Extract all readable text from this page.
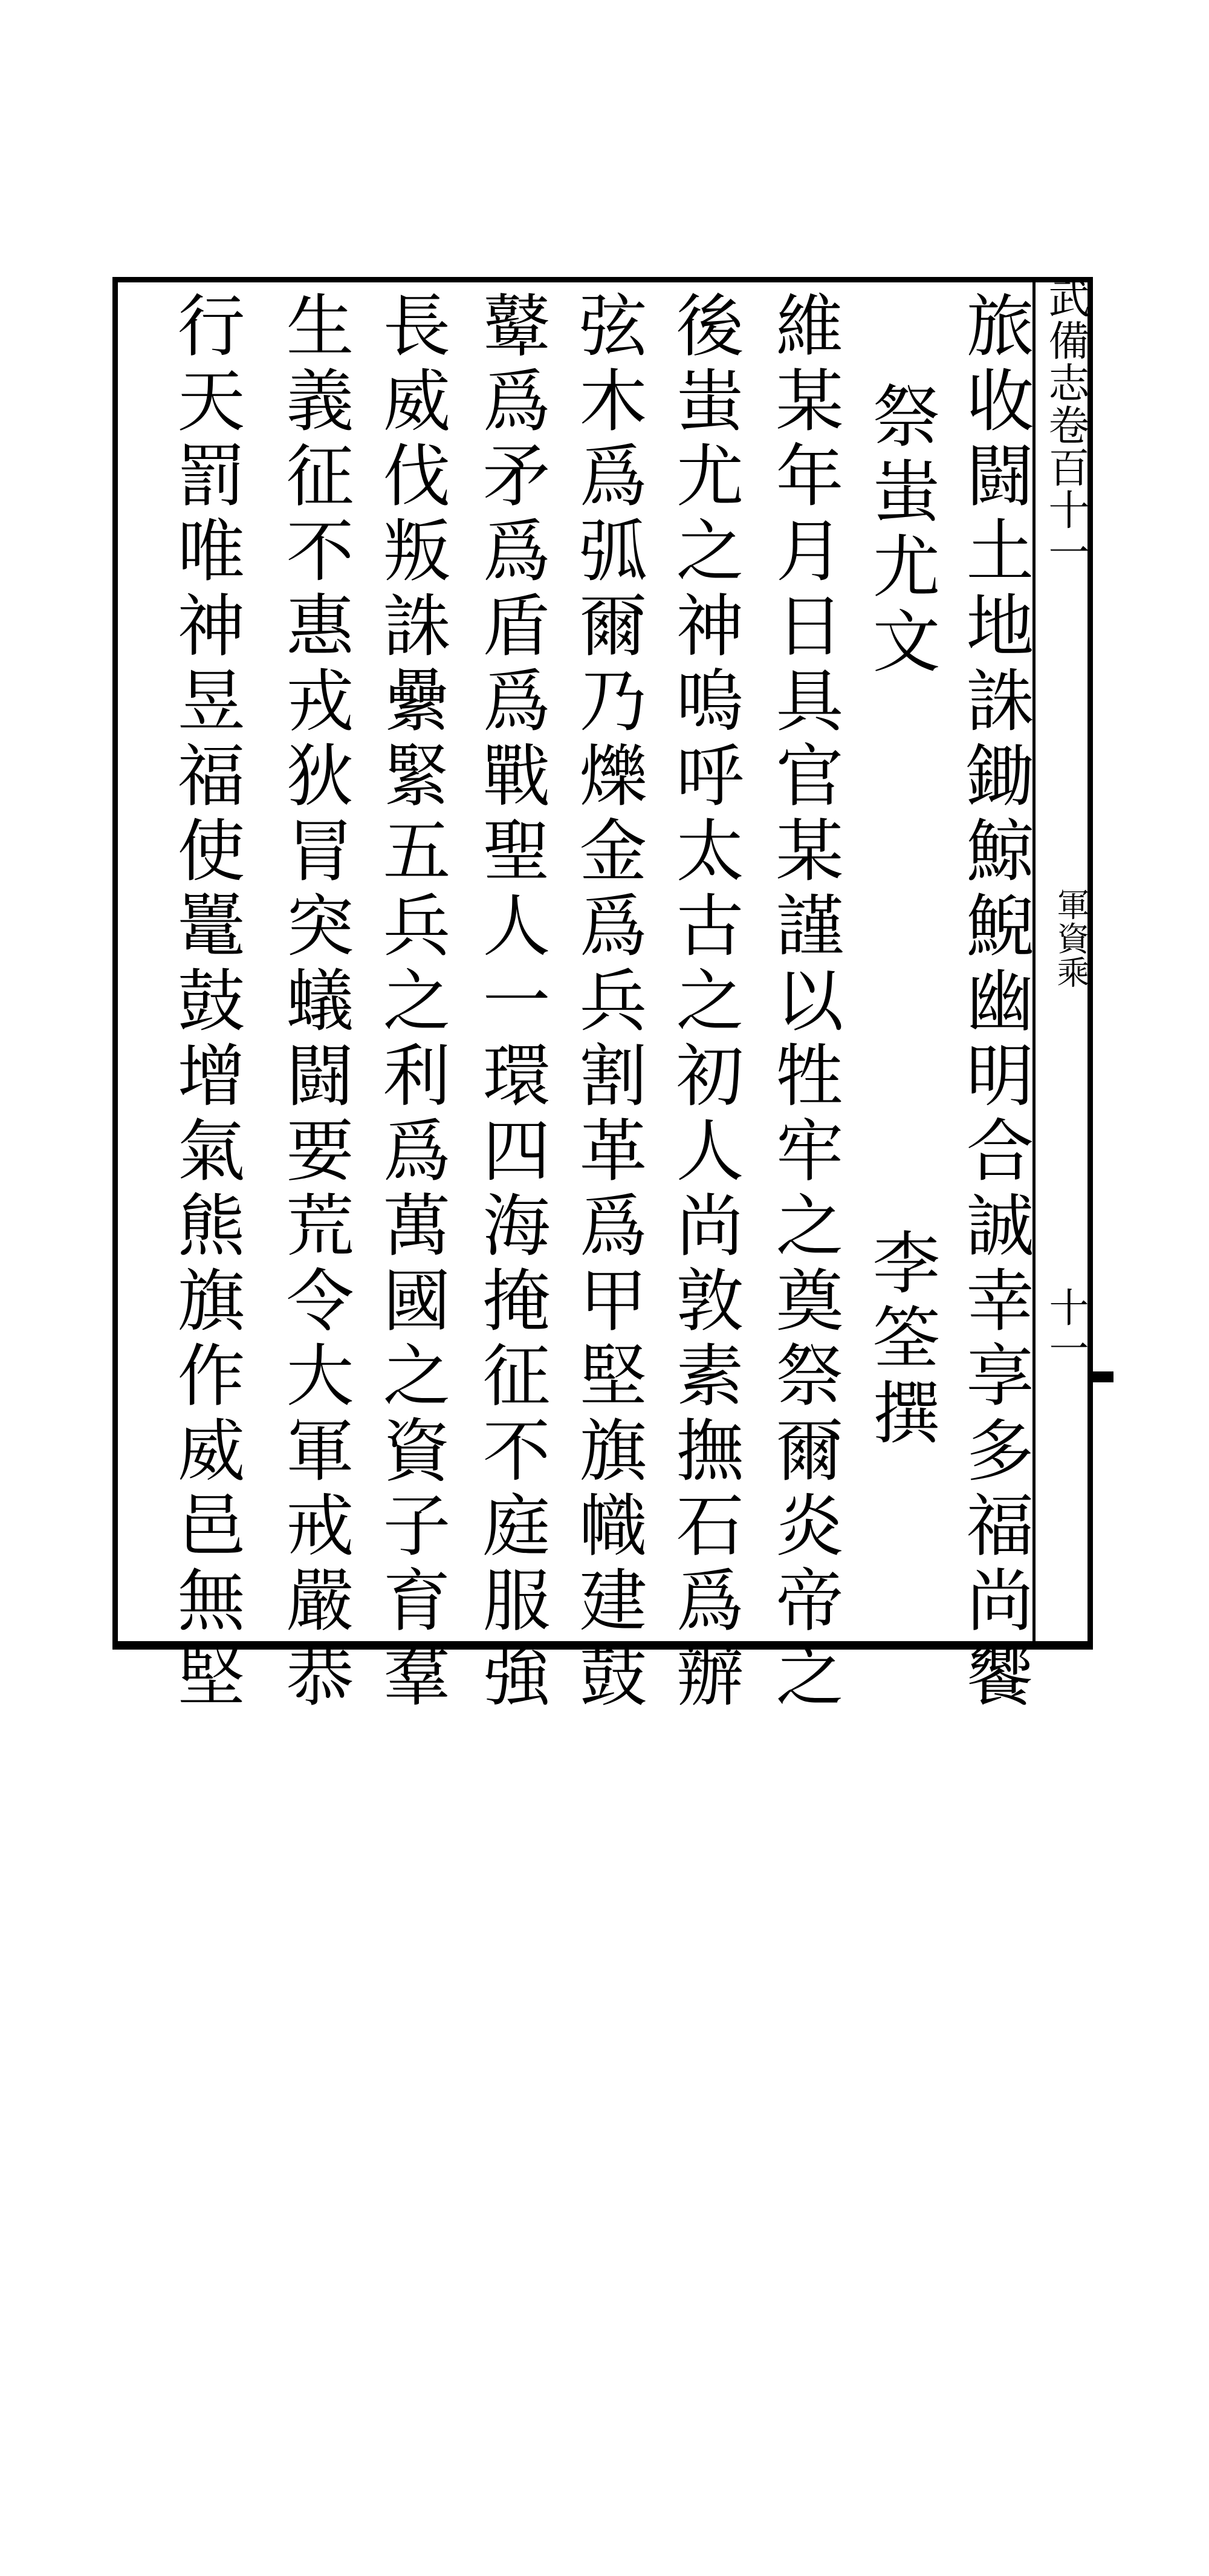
武備志卷百十一
軍資乘
十一
旅收闘土地誅鋤鯨鯢幽明合誠幸享多福尚饗
祭蚩尤文
李筌撰
維某年月日具官某謹以牲牢之奠祭爾炎帝之
後蚩尤之神嗚呼太古之初人尚敦素撫石爲辦
弦木爲弧爾乃爍金爲兵割革爲甲堅旗幟建鼓
鼙爲矛爲盾爲戰聖人一環四海掩征不庭服強
長威伐叛誅纍緊五兵之利爲萬國之資子育羣
生義征不惠戎狄冐突蟻闘要荒令大軍戒嚴恭
行天罰唯神昱福使鼍鼓增氣熊旗作威邑無堅
